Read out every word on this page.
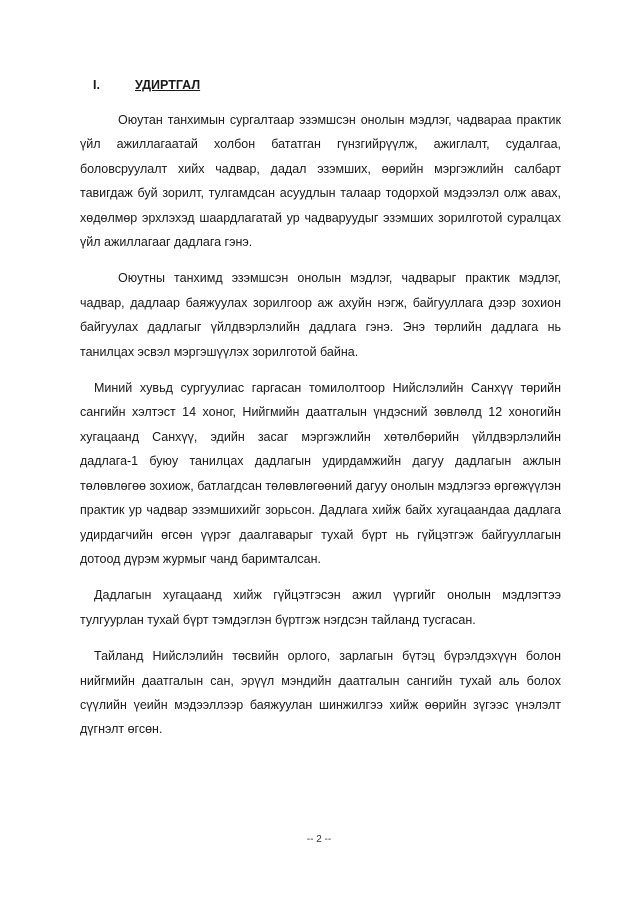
I.	УДИРТГАЛ

Оюутан танхимын сургалтаар эзэмшсэн онолын мэдлэг, чадвараа практик үйл ажиллагаатай холбон бататган гүнзгийрүүлж, ажиглалт, судалгаа, боловсруулалт хийх чадвар, дадал эзэмших, өөрийн мэргэжлийн салбарт тавигдаж буй зорилт, тулгамдсан асуудлын талаар тодорхой мэдээлэл олж авах, хөдөлмөр эрхлэхэд шаардлагатай ур чадваруудыг эзэмших зорилготой суралцах үйл ажиллагааг дадлага гэнэ.

Оюутны танхимд эзэмшсэн онолын мэдлэг, чадварыг практик мэдлэг, чадвар, дадлаар баяжуулах зорилгоор аж ахуйн нэгж, байгууллага дээр зохион байгуулах дадлагыг үйлдвэрлэлийн дадлага гэнэ. Энэ төрлийн дадлага нь танилцах эсвэл мэргэшүүлэх зорилготой байна.

Миний хувьд сургуулиас гаргасан томилолтоор Нийслэлийн Санхүү төрийн сангийн хэлтэст 14 хоног, Нийгмийн даатгалын үндэсний зөвлөлд 12 хоногийн хугацаанд Санхүү, эдийн засаг мэргэжлийн хөтөлбөрийн үйлдвэрлэлийн дадлага-1 буюу танилцах дадлагын удирдамжийн дагуу дадлагын ажлын төлөвлөгөө зохиож, батлагдсан төлөвлөгөөний дагуу онолын мэдлэгээ өргөжүүлэн практик ур чадвар эзэмшихийг зорьсон. Дадлага хийж байх хугацаандаа дадлага удирдагчийн өгсөн үүрэг даалгаварыг тухай бүрт нь гүйцэтгэж байгууллагын дотоод дүрэм журмыг чанд баримталсан.

Дадлагын хугацаанд хийж гүйцэтгэсэн ажил үүргийг онолын мэдлэгтээ тулгуурлан тухай бүрт тэмдэглэн бүртгэж нэгдсэн тайланд тусгасан.

Тайланд Нийслэлийн төсвийн орлого, зарлагын бүтэц бүрэлдэхүүн болон нийгмийн даатгалын сан, эрүүл мэндийн даатгалын сангийн тухай аль болох сүүлийн үеийн мэдээллээр баяжуулан шинжилгээ хийж өөрийн зүгээс үнэлэлт дүгнэлт өгсөн.

-- 2 --
